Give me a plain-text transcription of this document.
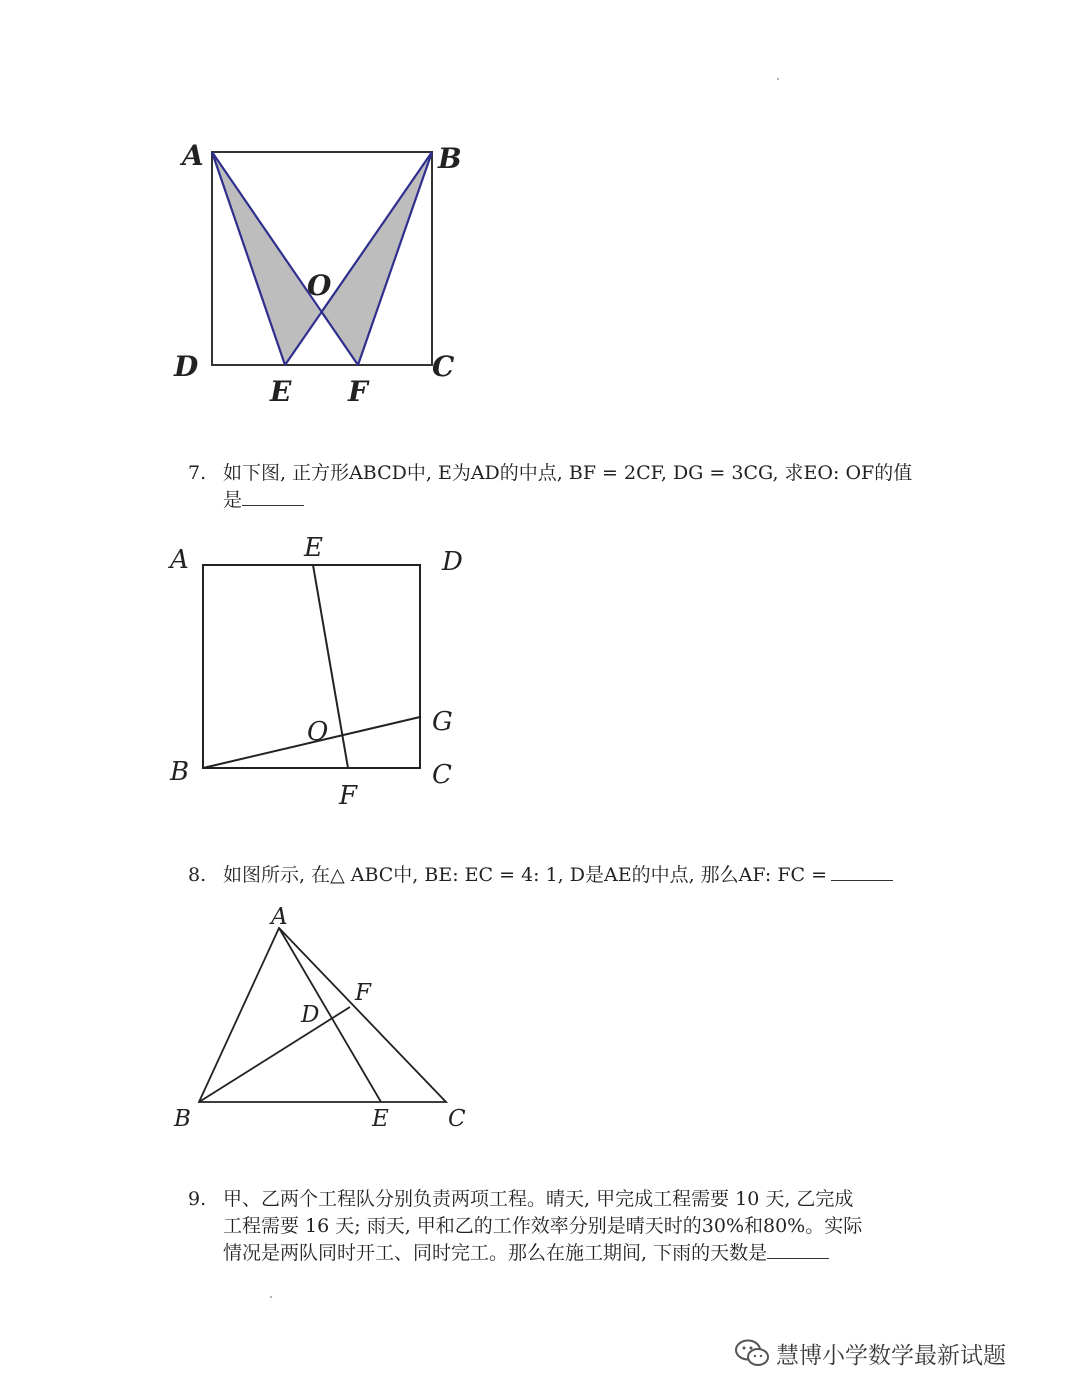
A	B
O
D	C
E F
7. 如下图, 正方形ABCD中, E为AD的中点, BF = 2CF, DG = 3CG, 求EO: OF的值
是
A	E	D
G
O
B	C
F
8. 如图所示, 在△ ABC中, BE: EC = 4: 1, D是AE的中点, 那么AF: FC =
A
F
D
B	E	C
9. 甲、乙两个工程队分别负责两项工程。晴天, 甲完成工程需要 10 天, 乙完成
工程需要 16 天; 雨天, 甲和乙的工作效率分别是晴天时的30%和80%。实际
情况是两队同时开工、同时完工。那么在施工期间, 下雨的天数是
慧博小学数学最新试题
